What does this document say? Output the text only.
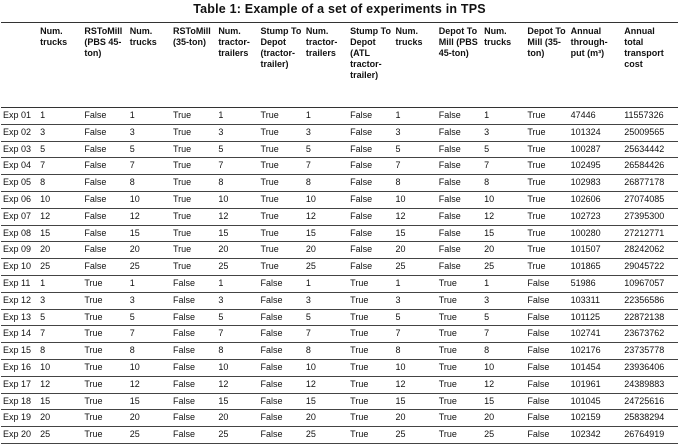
Table 1: Example of a set of experiments in TPS
	Num. trucks	RSToMill (PBS 45-ton)	Num. trucks	RSToMill (35-ton)	Num. tractor-trailers	Stump To Depot (tractor-trailer)	Num. tractor-trailers	Stump To Depot (ATL tractor-trailer)	Num. trucks	Depot To Mill (PBS 45-ton)	Num. trucks	Depot To Mill (35-ton)	Annual through-put (m³)	Annual total transport cost
Exp 01	1	False	1	True	1	True	1	False	1	False	1	True	47446	11557326
Exp 02	3	False	3	True	3	True	3	False	3	False	3	True	101324	25009565
Exp 03	5	False	5	True	5	True	5	False	5	False	5	True	100287	25634442
Exp 04	7	False	7	True	7	True	7	False	7	False	7	True	102495	26584426
Exp 05	8	False	8	True	8	True	8	False	8	False	8	True	102983	26877178
Exp 06	10	False	10	True	10	True	10	False	10	False	10	True	102606	27074085
Exp 07	12	False	12	True	12	True	12	False	12	False	12	True	102723	27395300
Exp 08	15	False	15	True	15	True	15	False	15	False	15	True	100280	27212771
Exp 09	20	False	20	True	20	True	20	False	20	False	20	True	101507	28242062
Exp 10	25	False	25	True	25	True	25	False	25	False	25	True	101865	29045722
Exp 11	1	True	1	False	1	False	1	True	1	True	1	False	51986	10967057
Exp 12	3	True	3	False	3	False	3	True	3	True	3	False	103311	22356586
Exp 13	5	True	5	False	5	False	5	True	5	True	5	False	101125	22872138
Exp 14	7	True	7	False	7	False	7	True	7	True	7	False	102741	23673762
Exp 15	8	True	8	False	8	False	8	True	8	True	8	False	102176	23735778
Exp 16	10	True	10	False	10	False	10	True	10	True	10	False	101454	23936406
Exp 17	12	True	12	False	12	False	12	True	12	True	12	False	101961	24389883
Exp 18	15	True	15	False	15	False	15	True	15	True	15	False	101045	24725616
Exp 19	20	True	20	False	20	False	20	True	20	True	20	False	102159	25838294
Exp 20	25	True	25	False	25	False	25	True	25	True	25	False	102342	26764919
